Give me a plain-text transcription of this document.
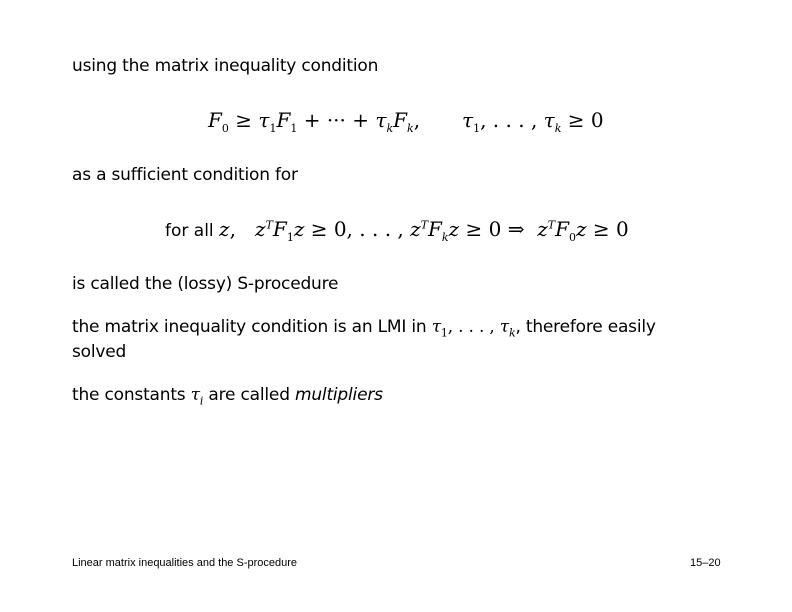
using the matrix inequality condition
$F_0 \ge \tau_1F_1$ + ··· + $\tau_kF_k$, $\tau_1$, . . . , $\tau_k \ge 0$
as a sufficient condition for
for all z, $z^TF_1z \ge 0$, . . . , $z^TF_kz \ge 0$ ⇒ $z^TF_0z \ge 0$
is called the (lossy) S-procedure
the matrix inequality condition is an LMI in $\tau_1$, . . . , $\tau_k$, therefore easily
solved
the constants $\tau_i$ are called multipliers
Linear matrix inequalities and the S-procedure	15–20
